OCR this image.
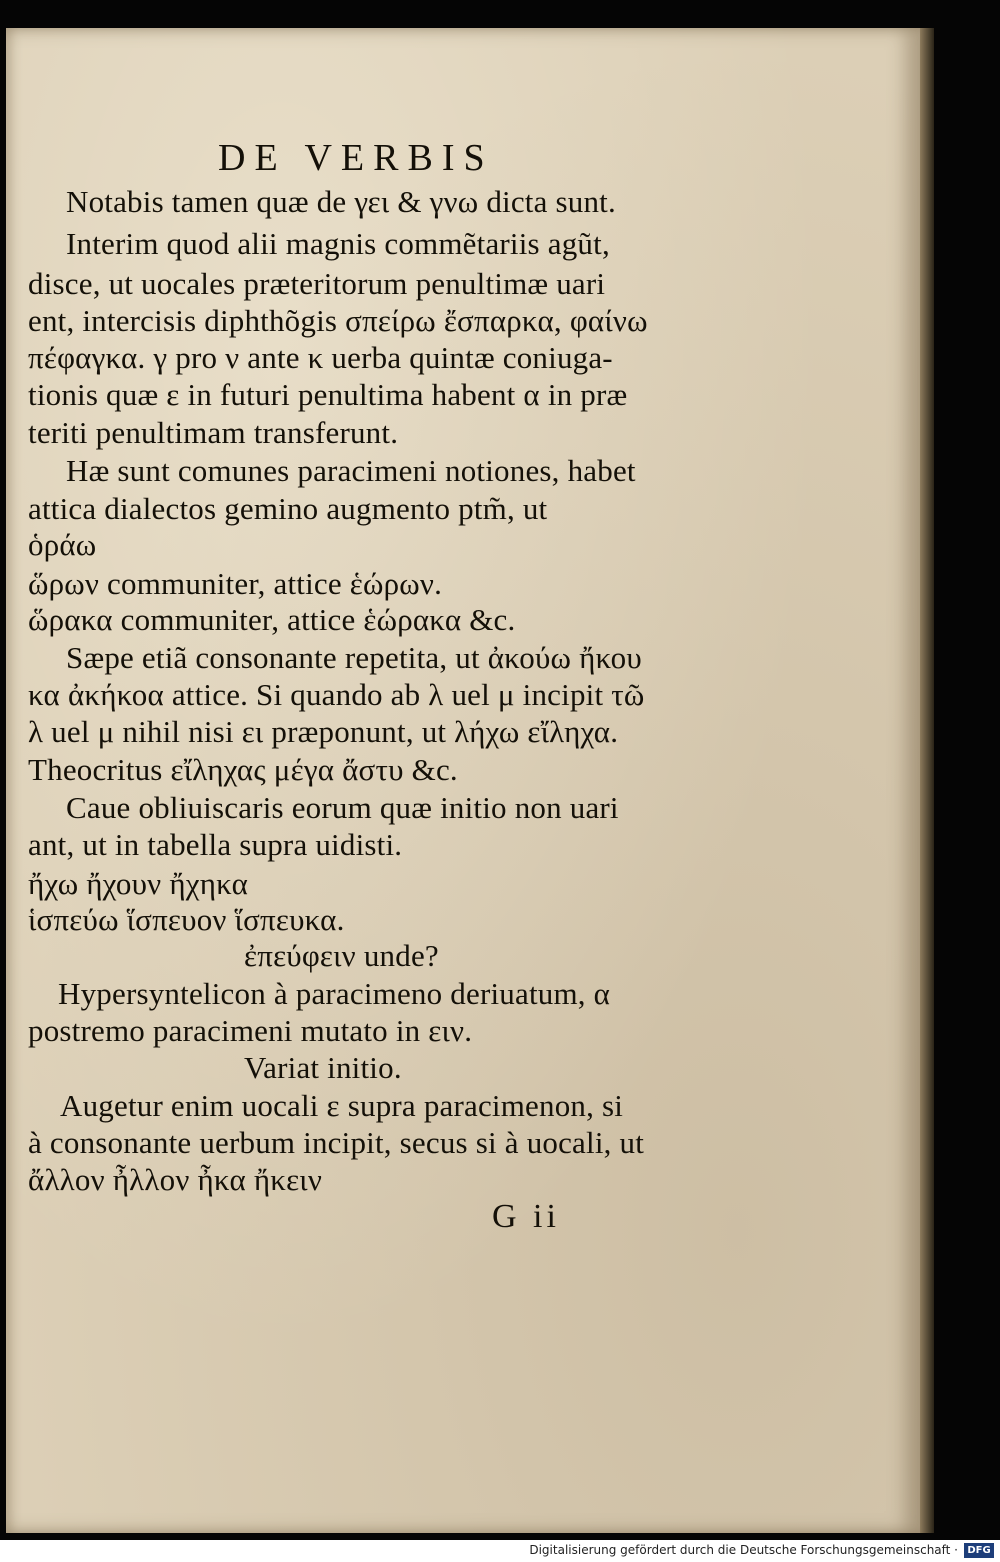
DE VERBIS
Notabis tamen quæ de γει & γνω dicta sunt.
Interim quod alii magnis commẽtariis agũt,
disce, ut uocales præteritorum penultimæ uari
ent, intercisis diphthõgis σπείρω ἔσπαρκα, φαίνω
πέφαγκα. γ pro ν ante κ uerba quintæ coniuga-
tionis quæ ε in futuri penultima habent α in præ
teriti penultimam transferunt.
Hæ sunt comunes paracimeni notiones, habet
attica dialectos gemino augmento ptm̃, ut
ὁράω
ὥρων communiter, attice ἑώρων.
ὥρακα communiter, attice ἑώρακα &c.
Sæpe etiã consonante repetita, ut ἀκούω ἤκου
κα ἀκήκοα attice. Si quando ab λ uel μ incipit τῶ
λ uel μ nihil nisi ει præponunt, ut λήχω εἴληχα.
Theocritus εἴληχας μέγα ἄστυ &c.
Caue obliuiscaris eorum quæ initio non uari
ant, ut in tabella supra uidisti.
ἤχω ἤχουν ἤχηκα
ἱσπεύω ἵσπευον ἵσπευκα.
ἐπεύφειν unde?
Hypersyntelicon à paracimeno deriuatum, α
postremo paracimeni mutato in ειν.
Variat initio.
Augetur enim uocali ε supra paracimenon, si
à consonante uerbum incipit, secus si à uocali, ut
ἄλλον ἦλλον ἦκα ἤκειν
G ii
Digitalisierung gefördert durch die Deutsche Forschungsgemeinschaft · DFG
